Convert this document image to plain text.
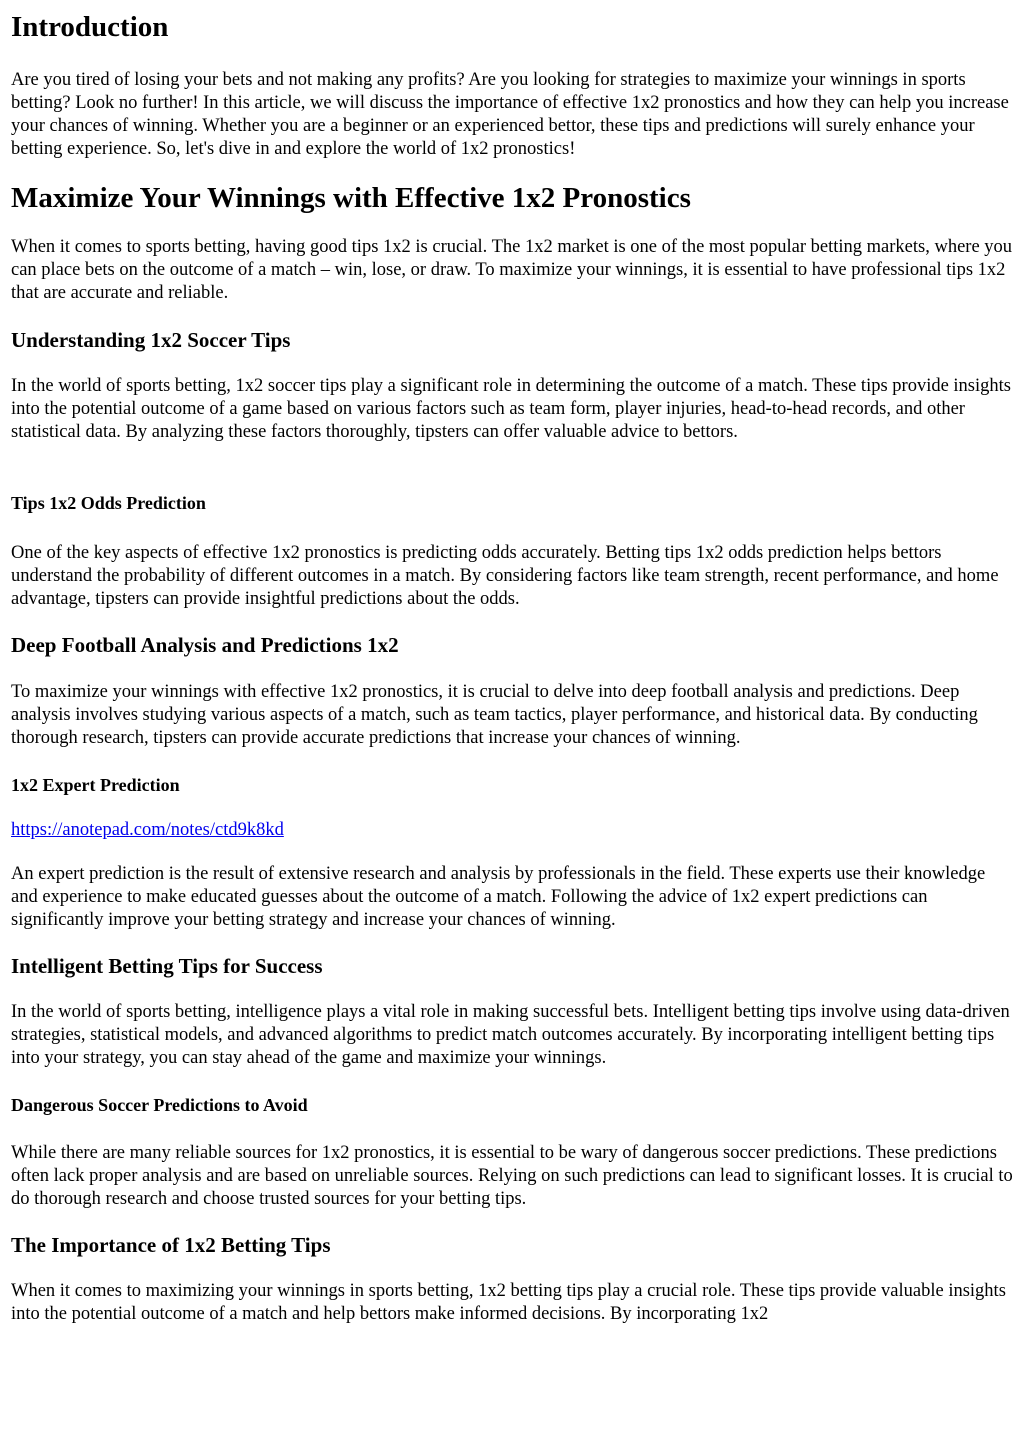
Introduction

Are you tired of losing your bets and not making any profits? Are you looking for strategies to maximize your winnings in sports betting? Look no further! In this article, we will discuss the importance of effective 1x2 pronostics and how they can help you increase your chances of winning. Whether you are a beginner or an experienced bettor, these tips and predictions will surely enhance your betting experience. So, let's dive in and explore the world of 1x2 pronostics!

Maximize Your Winnings with Effective 1x2 Pronostics

When it comes to sports betting, having good tips 1x2 is crucial. The 1x2 market is one of the most popular betting markets, where you can place bets on the outcome of a match – win, lose, or draw. To maximize your winnings, it is essential to have professional tips 1x2 that are accurate and reliable.

Understanding 1x2 Soccer Tips

In the world of sports betting, 1x2 soccer tips play a significant role in determining the outcome of a match. These tips provide insights into the potential outcome of a game based on various factors such as team form, player injuries, head-to-head records, and other statistical data. By analyzing these factors thoroughly, tipsters can offer valuable advice to bettors.

Tips 1x2 Odds Prediction

One of the key aspects of effective 1x2 pronostics is predicting odds accurately. Betting tips 1x2 odds prediction helps bettors understand the probability of different outcomes in a match. By considering factors like team strength, recent performance, and home advantage, tipsters can provide insightful predictions about the odds.

Deep Football Analysis and Predictions 1x2

To maximize your winnings with effective 1x2 pronostics, it is crucial to delve into deep football analysis and predictions. Deep analysis involves studying various aspects of a match, such as team tactics, player performance, and historical data. By conducting thorough research, tipsters can provide accurate predictions that increase your chances of winning.

1x2 Expert Prediction

https://anotepad.com/notes/ctd9k8kd

An expert prediction is the result of extensive research and analysis by professionals in the field. These experts use their knowledge and experience to make educated guesses about the outcome of a match. Following the advice of 1x2 expert predictions can significantly improve your betting strategy and increase your chances of winning.

Intelligent Betting Tips for Success

In the world of sports betting, intelligence plays a vital role in making successful bets. Intelligent betting tips involve using data-driven strategies, statistical models, and advanced algorithms to predict match outcomes accurately. By incorporating intelligent betting tips into your strategy, you can stay ahead of the game and maximize your winnings.

Dangerous Soccer Predictions to Avoid

While there are many reliable sources for 1x2 pronostics, it is essential to be wary of dangerous soccer predictions. These predictions often lack proper analysis and are based on unreliable sources. Relying on such predictions can lead to significant losses. It is crucial to do thorough research and choose trusted sources for your betting tips.

The Importance of 1x2 Betting Tips

When it comes to maximizing your winnings in sports betting, 1x2 betting tips play a crucial role. These tips provide valuable insights into the potential outcome of a match and help bettors make informed decisions. By incorporating 1x2
